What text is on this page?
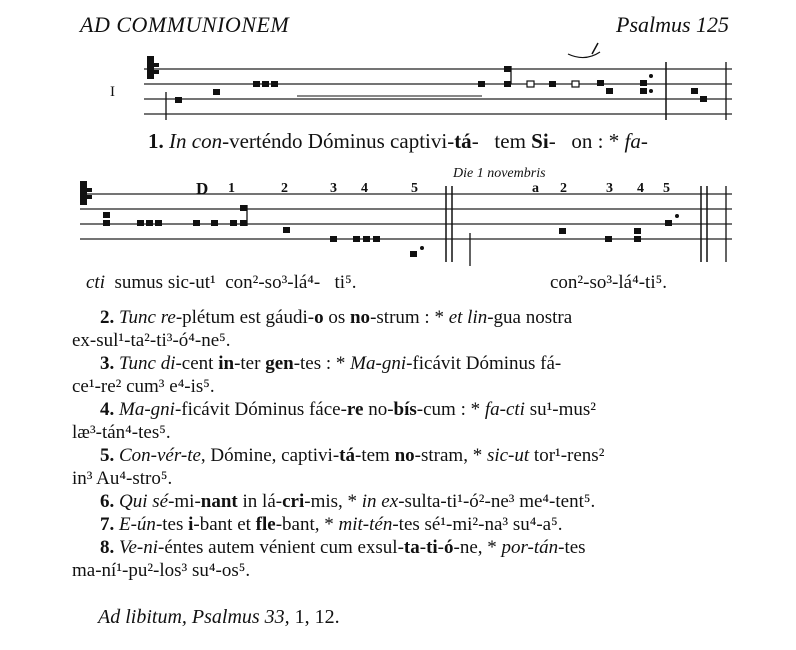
AD COMMUNIONEM	Psalmus 125
I
1. In con-verténdo Dóminus captivi-tá-   tem Si-   on : * fa-
Die 1 novembris
D 1	2	3 4	5	a 2	3 4 5
cti  sumus sic-ut¹  con²-so³-lá⁴-   ti⁵.	con²-so³-lá⁴-ti⁵.

2. Tunc re-plétum est gáudi-o os no-strum : * et lin-gua nostra

ex-sul¹-ta²-ti³-ó⁴-ne⁵.

3. Tunc di-cent in-ter gen-tes : * Ma-gni-ficávit Dóminus fá-

ce¹-re² cum³ e⁴-is⁵.

4. Ma-gni-ficávit Dóminus fáce-re no-bís-cum : * fa-cti su¹-mus²

læ³-tán⁴-tes⁵.

5. Con-vér-te, Dómine, captivi-tá-tem no-stram, * sic-ut tor¹-rens²

in³ Au⁴-stro⁵.

6. Qui sé-mi-nant in lá-cri-mis, * in ex-sulta-ti¹-ó²-ne³ me⁴-tent⁵.

7. E-ún-tes i-bant et fle-bant, * mit-tén-tes sé¹-mi²-na³ su⁴-a⁵.

8. Ve-ni-éntes autem vénient cum exsul-ta-ti-ó-ne, * por-tán-tes

ma-ní¹-pu²-los³ su⁴-os⁵.

Ad libitum, Psalmus 33, 1, 12.
